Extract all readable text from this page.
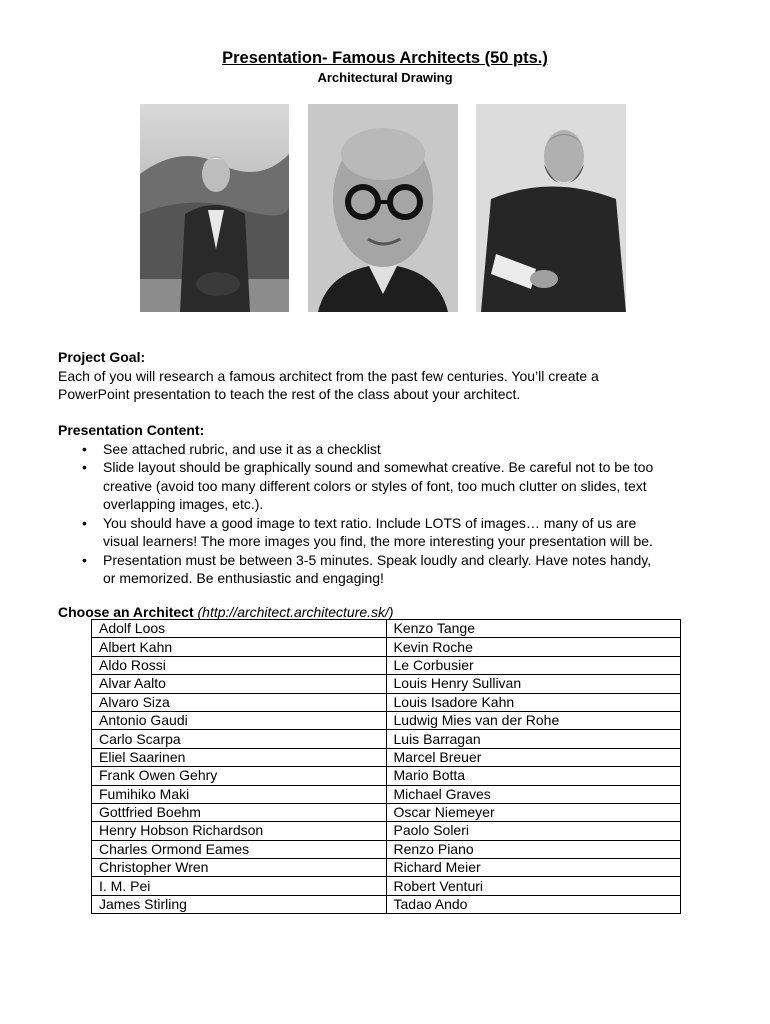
Presentation- Famous Architects (50 pts.)
Architectural Drawing
Project Goal:
Each of you will research a famous architect from the past few centuries. You’ll create a
PowerPoint presentation to teach the rest of the class about your architect.
Presentation Content:
• See attached rubric, and use it as a checklist
• Slide layout should be graphically sound and somewhat creative. Be careful not to be too
creative (avoid too many different colors or styles of font, too much clutter on slides, text
overlapping images, etc.).
• You should have a good image to text ratio. Include LOTS of images… many of us are
visual learners! The more images you find, the more interesting your presentation will be.
• Presentation must be between 3-5 minutes. Speak loudly and clearly. Have notes handy,
or memorized. Be enthusiastic and engaging!
Choose an Architect (http://architect.architecture.sk/)
Adolf Loos	Kenzo Tange
Albert Kahn	Kevin Roche
Aldo Rossi	Le Corbusier
Alvar Aalto	Louis Henry Sullivan
Alvaro Siza	Louis Isadore Kahn
Antonio Gaudi	Ludwig Mies van der Rohe
Carlo Scarpa	Luis Barragan
Eliel Saarinen	Marcel Breuer
Frank Owen Gehry	Mario Botta
Fumihiko Maki	Michael Graves
Gottfried Boehm	Oscar Niemeyer
Henry Hobson Richardson	Paolo Soleri
Charles Ormond Eames	Renzo Piano
Christopher Wren	Richard Meier
I. M. Pei	Robert Venturi
James Stirling	Tadao Ando
